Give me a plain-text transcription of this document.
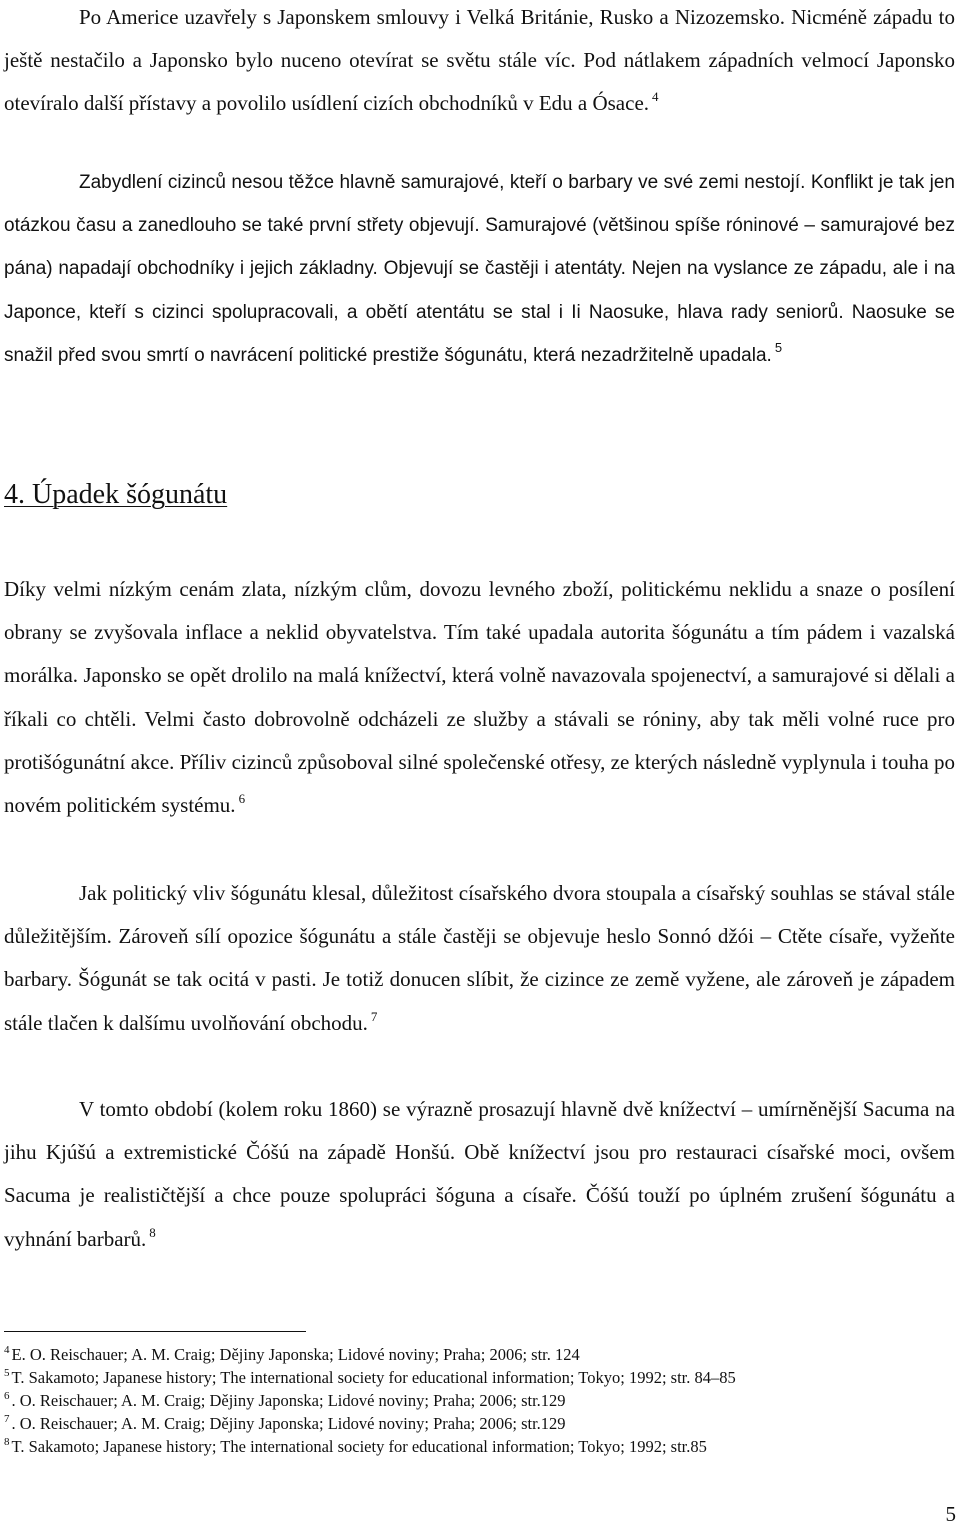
Po Americe uzavřely s Japonskem smlouvy i Velká Británie, Rusko a Nizozemsko. Nicméně západu to ještě nestačilo a Japonsko bylo nuceno otevírat se světu stále víc. Pod nátlakem západních velmocí Japonsko otevíralo další přístavy a povolilo usídlení cizích obchodníků v Edu a Ósace. $^4$

Zabydlení cizinců nesou těžce hlavně samurajové, kteří o barbary ve své zemi nestojí. Konflikt je tak jen otázkou času a zanedlouho se také první střety objevují. Samurajové (většinou spíše róninové – samurajové bez pána) napadají obchodníky i jejich základny. Objevují se častěji i atentáty. Nejen na vyslance ze západu, ale i na Japonce, kteří s cizinci spolupracovali, a obětí atentátu se stal i Ii Naosuke, hlava rady seniorů. Naosuke se snažil před svou smrtí o navrácení politické prestiže šógunátu, která nezadržitelně upadala. $^5$

4. Úpadek šógunátu

Díky velmi nízkým cenám zlata, nízkým clům, dovozu levného zboží, politickému neklidu a snaze o posílení obrany se zvyšovala inflace a neklid obyvatelstva. Tím také upadala autorita šógunátu a tím pádem i vazalská morálka. Japonsko se opět drolilo na malá knížectví, která volně navazovala spojenectví, a samurajové si dělali a říkali co chtěli. Velmi často dobrovolně odcházeli ze služby a stávali se róniny, aby tak měli volné ruce pro protišógunátní akce. Příliv cizinců způsoboval silné společenské otřesy, ze kterých následně vyplynula i touha po novém politickém systému. $^6$

Jak politický vliv šógunátu klesal, důležitost císařského dvora stoupala a císařský souhlas se stával stále důležitějším. Zároveň sílí opozice šógunátu a stále častěji se objevuje heslo Sonnó džói – Ctěte císaře, vyžeňte barbary. Šógunát se tak ocitá v pasti. Je totiž donucen slíbit, že cizince ze země vyžene, ale zároveň je západem stále tlačen k dalšímu uvolňování obchodu. $^7$

V tomto období (kolem roku 1860) se výrazně prosazují hlavně dvě knížectví – umírněnější Sacuma na jihu Kjúšú a extremistické Čóšú na západě Honšú. Obě knížectví jsou pro restauraci císařské moci, ovšem Sacuma je realističtější a chce pouze spolupráci šóguna a císaře. Čóšú touží po úplném zrušení šógunátu a vyhnání barbarů. $^8$

$^4$ E. O. Reischauer; A. M. Craig; Dějiny Japonska; Lidové noviny; Praha; 2006; str. 124
$^5$ T. Sakamoto; Japanese history; The international society for educational information; Tokyo; 1992; str. 84–85
$^6$ . O. Reischauer; A. M. Craig; Dějiny Japonska; Lidové noviny; Praha; 2006; str.129
$^7$ . O. Reischauer; A. M. Craig; Dějiny Japonska; Lidové noviny; Praha; 2006; str.129
$^8$ T. Sakamoto; Japanese history; The international society for educational information; Tokyo; 1992; str.85
5
